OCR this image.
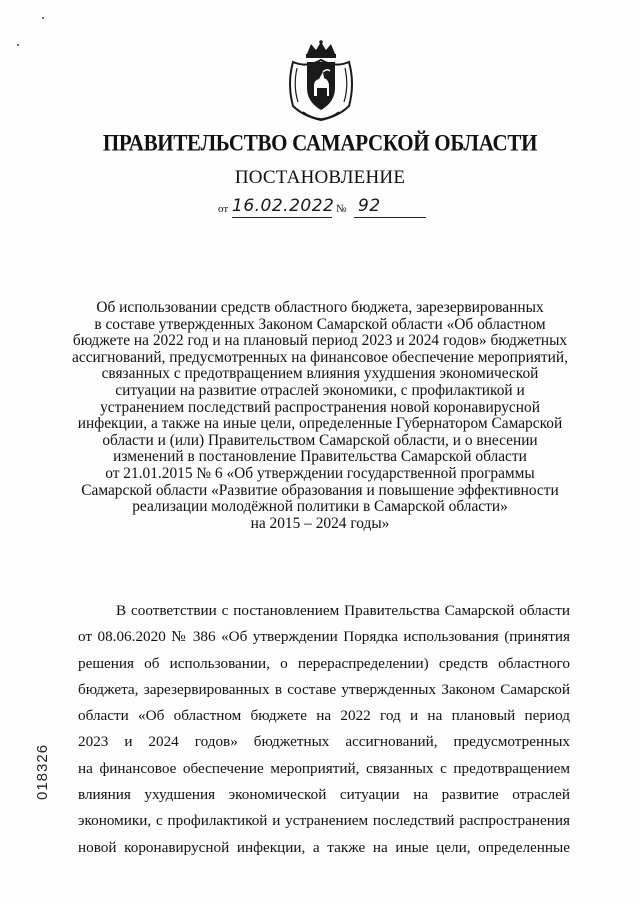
ПРАВИТЕЛЬСТВО САМАРСКОЙ ОБЛАСТИ
ПОСТАНОВЛЕНИЕ
от 16.02.2022 № 92
Об использовании средств областного бюджета, зарезервированных
в составе утвержденных Законом Самарской области «Об областном
бюджете на 2022 год и на плановый период 2023 и 2024 годов» бюджетных
ассигнований, предусмотренных на финансовое обеспечение мероприятий,
связанных с предотвращением влияния ухудшения экономической
ситуации на развитие отраслей экономики, с профилактикой и
устранением последствий распространения новой коронавирусной
инфекции, а также на иные цели, определенные Губернатором Самарской
области и (или) Правительством Самарской области, и о внесении
изменений в постановление Правительства Самарской области
от 21.01.2015 № 6 «Об утверждении государственной программы
Самарской области «Развитие образования и повышение эффективности
реализации молодёжной политики в Самарской области»
на 2015 – 2024 годы»
В соответствии с постановлением Правительства Самарской области
от 08.06.2020 № 386 «Об утверждении Порядка использования (принятия
решения об использовании, о перераспределении) средств областного
бюджета, зарезервированных в составе утвержденных Законом Самарской
области «Об областном бюджете на 2022 год и на плановый период
2023 и 2024 годов» бюджетных ассигнований, предусмотренных
на финансовое обеспечение мероприятий, связанных с предотвращением
влияния ухудшения экономической ситуации на развитие отраслей
экономики, с профилактикой и устранением последствий распространения
новой коронавирусной инфекции, а также на иные цели, определенные
018326
